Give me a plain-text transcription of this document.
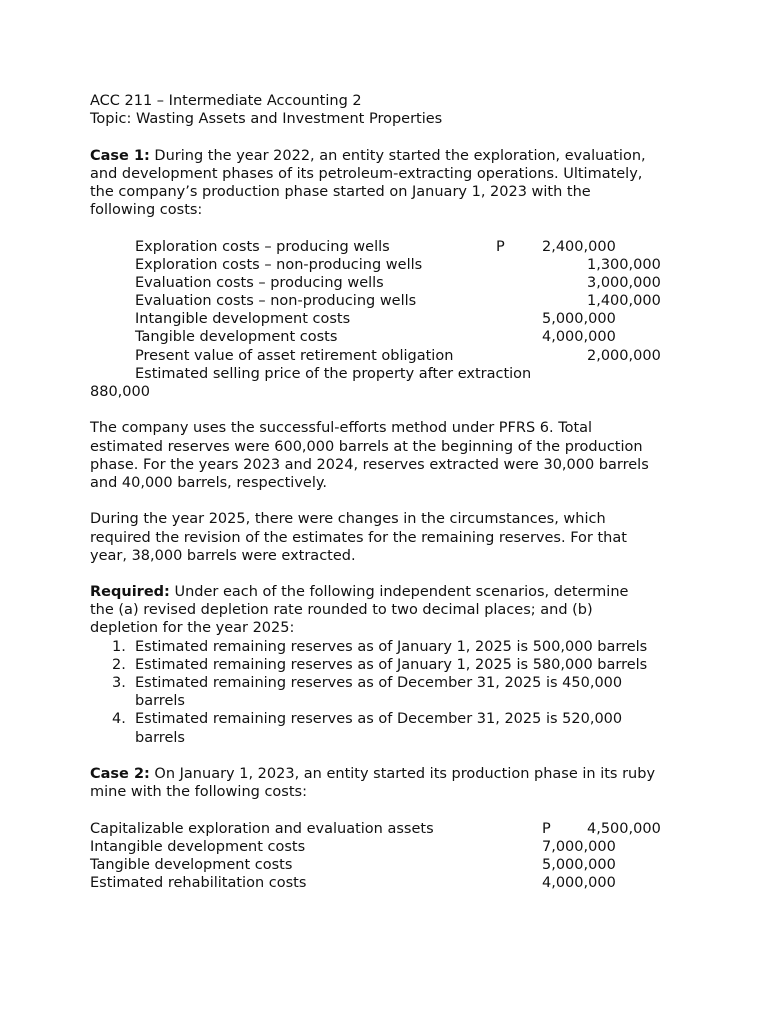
ACC 211 – Intermediate Accounting 2
Topic: Wasting Assets and Investment Properties
Case 1: During the year 2022, an entity started the exploration, evaluation,
and development phases of its petroleum-extracting operations. Ultimately,
the company’s production phase started on January 1, 2023 with the
following costs:
Exploration costs – producing wells	P	2,400,000
Exploration costs – non-producing wells	1,300,000
Evaluation costs – producing wells	3,000,000
Evaluation costs – non-producing wells	1,400,000
Intangible development costs	5,000,000
Tangible development costs	4,000,000
Present value of asset retirement obligation	2,000,000
Estimated selling price of the property after extraction
880,000
The company uses the successful-efforts method under PFRS 6. Total
estimated reserves were 600,000 barrels at the beginning of the production
phase. For the years 2023 and 2024, reserves extracted were 30,000 barrels
and 40,000 barrels, respectively.
During the year 2025, there were changes in the circumstances, which
required the revision of the estimates for the remaining reserves. For that
year, 38,000 barrels were extracted.
Required: Under each of the following independent scenarios, determine
the (a) revised depletion rate rounded to two decimal places; and (b)
depletion for the year 2025:
1. Estimated remaining reserves as of January 1, 2025 is 500,000 barrels
2. Estimated remaining reserves as of January 1, 2025 is 580,000 barrels
3. Estimated remaining reserves as of December 31, 2025 is 450,000
barrels
4. Estimated remaining reserves as of December 31, 2025 is 520,000
barrels
Case 2: On January 1, 2023, an entity started its production phase in its ruby
mine with the following costs:
Capitalizable exploration and evaluation assets	P	4,500,000
Intangible development costs	7,000,000
Tangible development costs	5,000,000
Estimated rehabilitation costs	4,000,000
